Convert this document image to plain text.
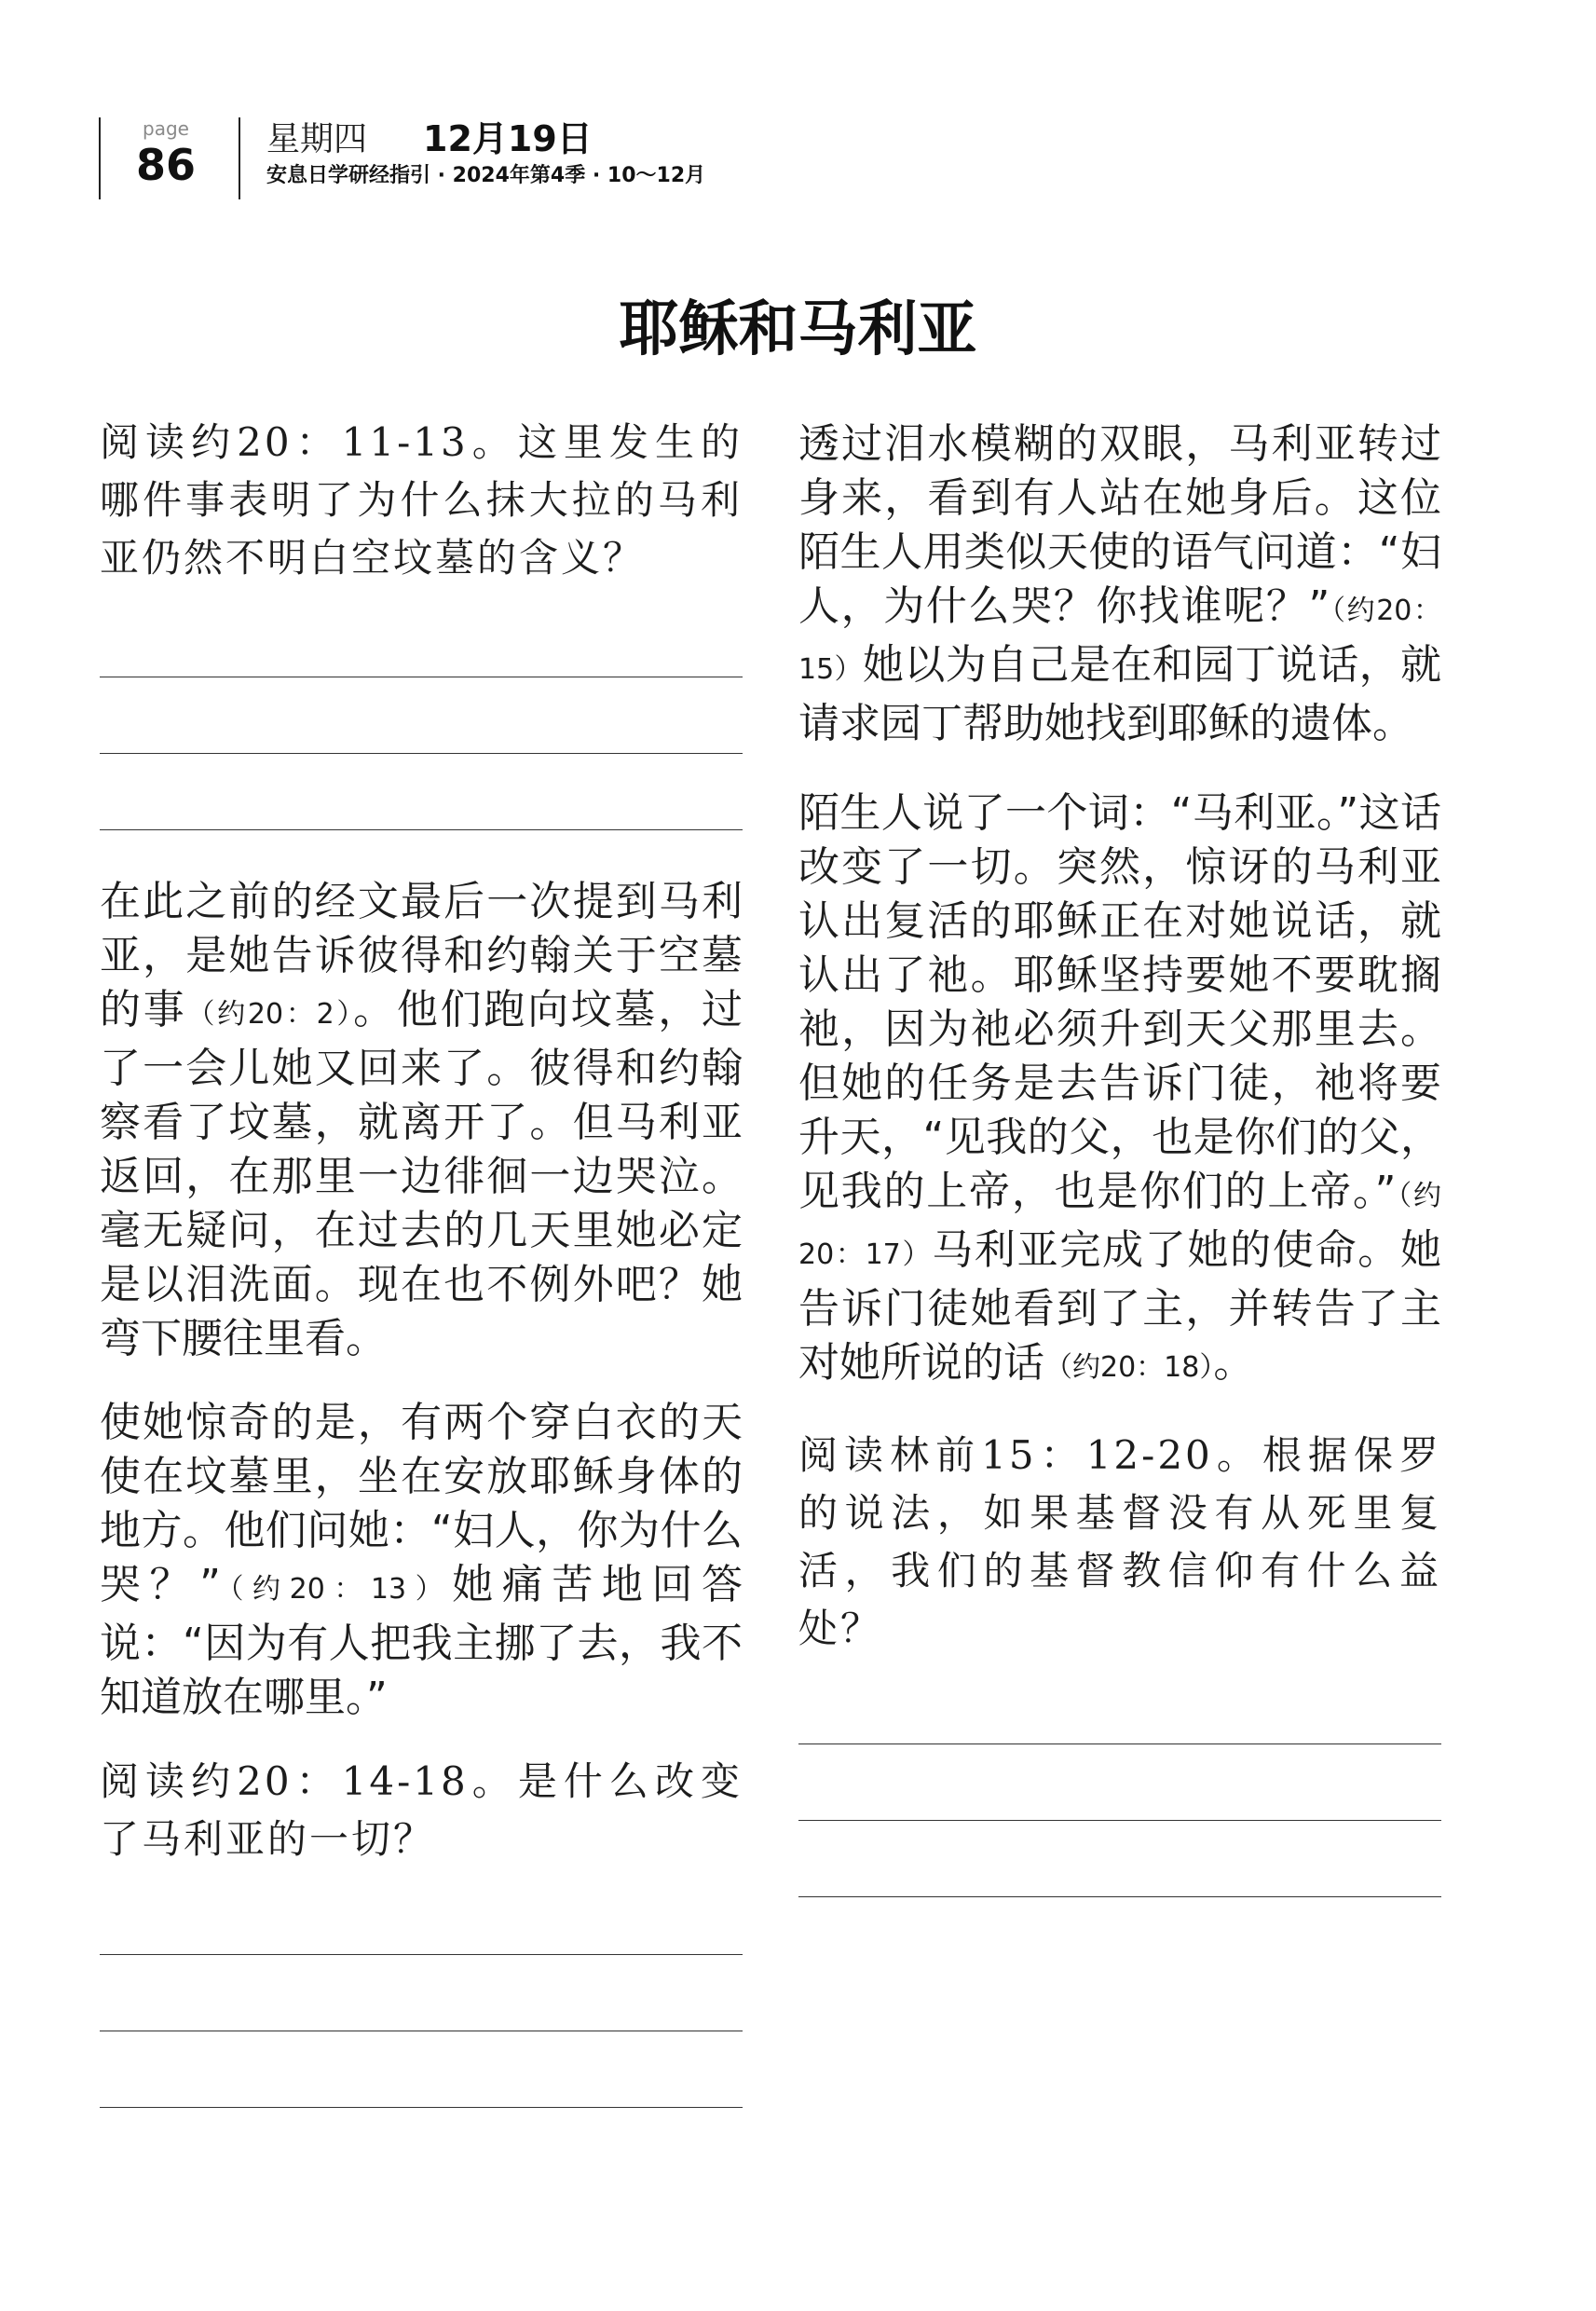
page
86
星期四 12月19日
安息日学研经指引 · 2024年第4季 · 10～12月
耶稣和马利亚

阅读约20：11-13。这里发生的哪件事表明了为什么抹大拉的马利亚仍然不明白空坟墓的含义？

在此之前的经文最后一次提到马利亚，是她告诉彼得和约翰关于空墓的事（约20：2）。他们跑向坟墓，过了一会儿她又回来了。彼得和约翰察看了坟墓，就离开了。但马利亚返回，在那里一边徘徊一边哭泣。毫无疑问，在过去的几天里她必定是以泪洗面。现在也不例外吧？她弯下腰往里看。

使她惊奇的是，有两个穿白衣的天使在坟墓里，坐在安放耶稣身体的地方。他们问她：“妇人，你为什么哭？”（约20：13）她痛苦地回答说：“因为有人把我主挪了去，我不知道放在哪里。”

阅读约20：14-18。是什么改变了马利亚的一切？

透过泪水模糊的双眼，马利亚转过身来，看到有人站在她身后。这位陌生人用类似天使的语气问道：“妇人，为什么哭？你找谁呢？”（约20：15）她以为自己是在和园丁说话，就请求园丁帮助她找到耶稣的遗体。

陌生人说了一个词：“马利亚。”这话改变了一切。突然，惊讶的马利亚认出复活的耶稣正在对她说话，就认出了祂。耶稣坚持要她不要耽搁祂，因为祂必须升到天父那里去。但她的任务是去告诉门徒，祂将要升天，“见我的父，也是你们的父，见我的上帝，也是你们的上帝。”（约20：17）马利亚完成了她的使命。她告诉门徒她看到了主，并转告了主对她所说的话（约20：18）。

阅读林前15：12-20。根据保罗的说法，如果基督没有从死里复活，我们的基督教信仰有什么益处？
